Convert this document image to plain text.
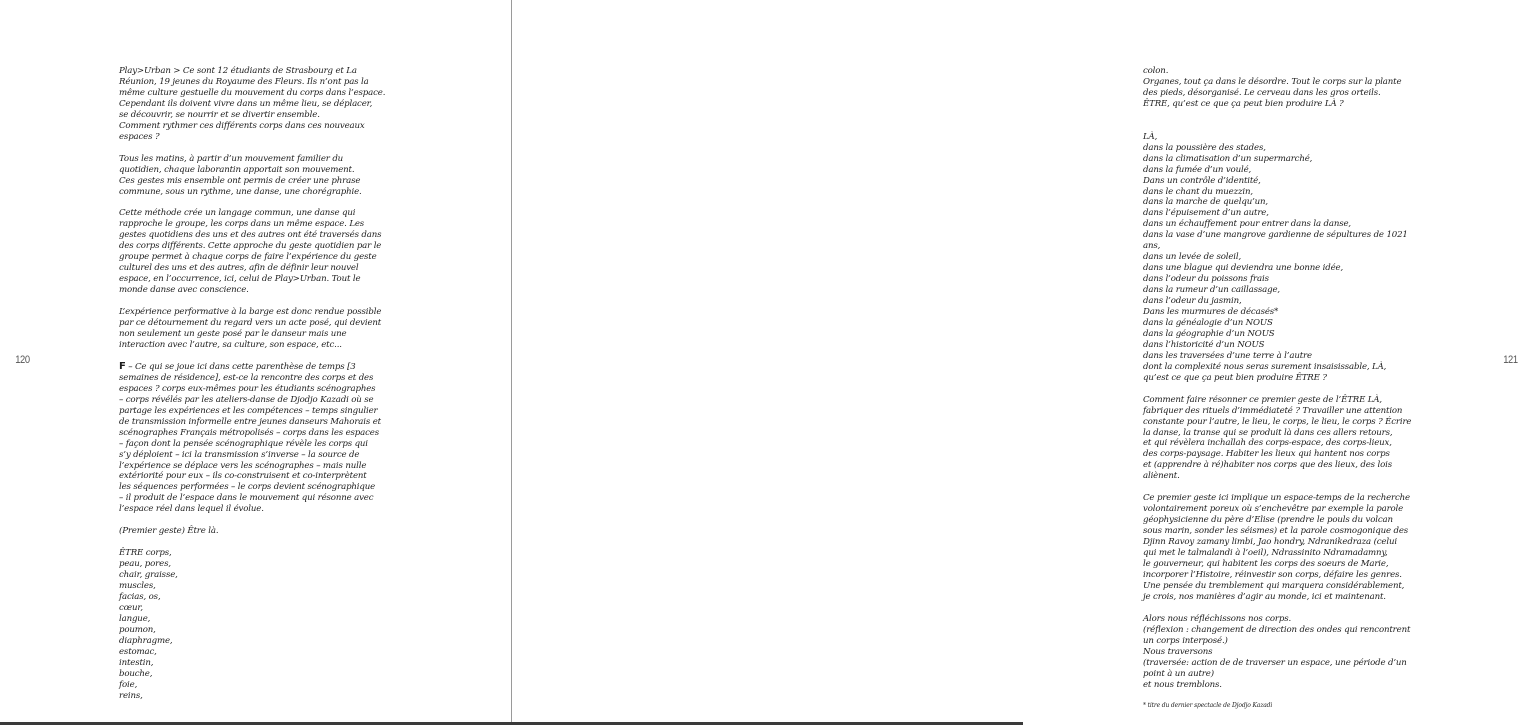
120
Play>Urban > Ce sont 12 étudiants de Strasbourg et La
Réunion, 19 jeunes du Royaume des Fleurs. Ils n’ont pas la
même culture gestuelle du mouvement du corps dans l’espace.
Cependant ils doivent vivre dans un même lieu, se déplacer,
se découvrir, se nourrir et se divertir ensemble.
Comment rythmer ces différents corps dans ces nouveaux
espaces ?
Tous les matins, à partir d’un mouvement familier du
quotidien, chaque laborantin apportait son mouvement.
Ces gestes mis ensemble ont permis de créer une phrase
commune, sous un rythme, une danse, une chorégraphie.
Cette méthode crée un langage commun, une danse qui
rapproche le groupe, les corps dans un même espace. Les
gestes quotidiens des uns et des autres ont été traversés dans
des corps différents. Cette approche du geste quotidien par le
groupe permet à chaque corps de faire l’expérience du geste
culturel des uns et des autres, afin de définir leur nouvel
espace, en l’occurrence, ici, celui de Play>Urban. Tout le
monde danse avec conscience.
L’expérience performative à la barge est donc rendue possible
par ce détournement du regard vers un acte posé, qui devient
non seulement un geste posé par le danseur mais une
interaction avec l’autre, sa culture, son espace, etc...
F – Ce qui se joue ici dans cette parenthèse de temps [3
semaines de résidence], est-ce la rencontre des corps et des
espaces ? corps eux-mêmes pour les étudiants scénographes
– corps révélés par les ateliers-danse de Djodjo Kazadi où se
partage les expériences et les compétences – temps singulier
de transmission informelle entre jeunes danseurs Mahorais et
scénographes Français métropolisés – corps dans les espaces
– façon dont la pensée scénographique révèle les corps qui
s’y déploient – ici la transmission s’inverse – la source de
l’expérience se déplace vers les scénographes – mais nulle
extériorité pour eux – ils co-construisent et co-interprètent
les séquences performées – le corps devient scénographique
– il produit de l’espace dans le mouvement qui résonne avec
l’espace réel dans lequel il évolue.
(Premier geste) Être là.
ÊTRE corps,
peau, pores,
chair, graisse,
muscles,
facias, os,
cœur,
langue,
poumon,
diaphragme,
estomac,
intestin,
bouche,
foie,
reins,
121
colon.
Organes, tout ça dans le désordre. Tout le corps sur la plante
des pieds, désorganisé. Le cerveau dans les gros orteils.
ÊTRE, qu’est ce que ça peut bien produire LÀ ?
LÀ,
dans la poussière des stades,
dans la climatisation d’un supermarché,
dans la fumée d’un voulé,
Dans un contrôle d’identité,
dans le chant du muezzin,
dans la marche de quelqu’un,
dans l’épuisement d’un autre,
dans un échauffement pour entrer dans la danse,
dans la vase d’une mangrove gardienne de sépultures de 1021
ans,
dans un levée de soleil,
dans une blague qui deviendra une bonne idée,
dans l’odeur du poissons frais
dans la rumeur d’un caillassage,
dans l’odeur du jasmin,
Dans les murmures de décasés*
dans la généalogie d’un NOUS
dans la géographie d’un NOUS
dans l’historicité d’un NOUS
dans les traversées d’une terre à l’autre
dont la complexité nous seras surement insaisissable, LÀ,
qu’est ce que ça peut bien produire ÊTRE ?
Comment faire résonner ce premier geste de l’ÊTRE LÀ,
fabriquer des rituels d’immédiateté ? Travailler une attention
constante pour l’autre, le lieu, le corps, le lieu, le corps ? Écrire
la danse, la transe qui se produit là dans ces allers retours,
et qui révèlera inchallah des corps-espace, des corps-lieux,
des corps-paysage. Habiter les lieux qui hantent nos corps
et (apprendre à ré)habiter nos corps que des lieux, des lois
aliènent.
Ce premier geste ici implique un espace-temps de la recherche
volontairement poreux où s’enchevêtre par exemple la parole
géophysicienne du père d’Elise (prendre le pouls du volcan
sous marin, sonder les séismes) et la parole cosmogonique des
Djinn Ravoy zamany limbi, Jao hondry, Ndranikedraza (celui
qui met le talmalandi à l’oeil), Ndrassinito Ndramadamny,
le gouverneur, qui habitent les corps des soeurs de Marie,
incorporer l’Histoire, réinvestir son corps, défaire les genres.
Une pensée du tremblement qui marquera considérablement,
je crois, nos manières d’agir au monde, ici et maintenant.
Alors nous réfléchissons nos corps.
(réflexion : changement de direction des ondes qui rencontrent
un corps interposé.)
Nous traversons
(traversée: action de de traverser un espace, une période d’un
point à un autre)
et nous tremblons.
* titre du dernier spectacle de Djodjo Kazadi
